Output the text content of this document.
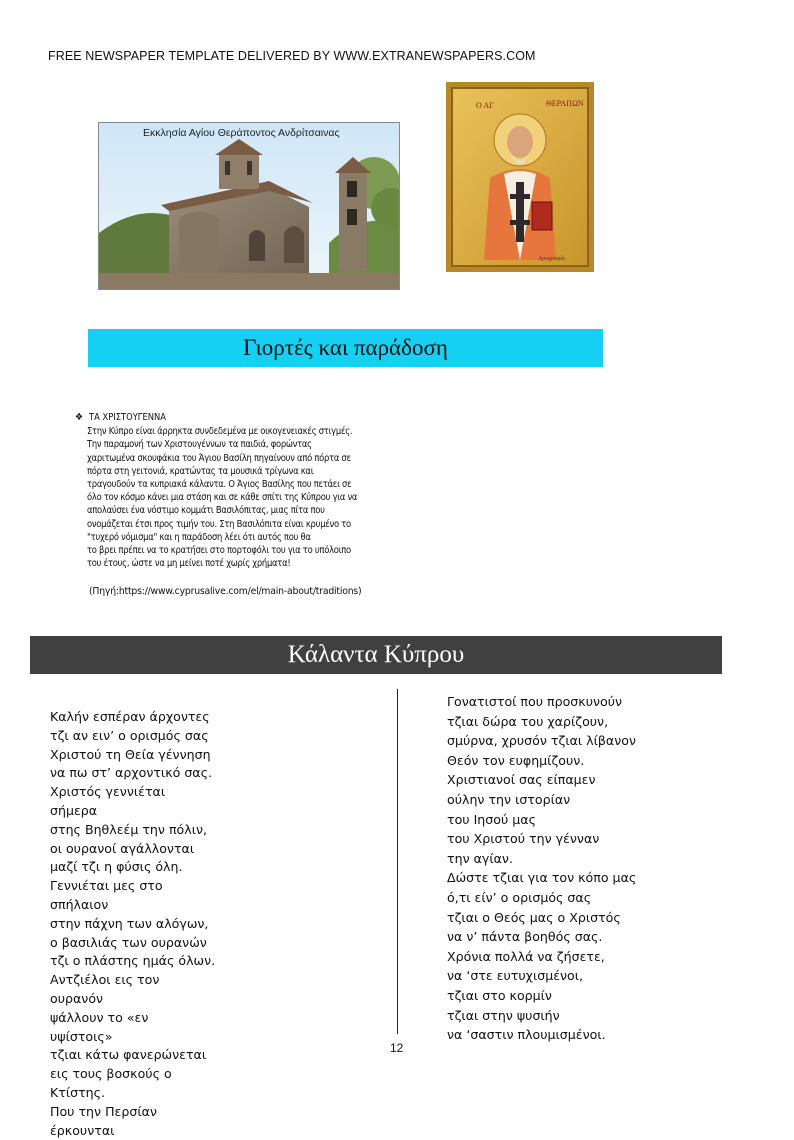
FREE NEWSPAPER TEMPLATE DELIVERED BY WWW.EXTRANEWSPAPERS.COM
Εκκλησία Αγίου Θεράποντος Ανδρίτσαινας
Ο ΑΓ	ΘΕΡΑΠΩΝ
Αγιογραφία
Γιορτές και παράδοση
❖ ΤΑ ΧΡΙΣΤΟΥΓΕΝΝΑ
Στην Κύπρο είναι άρρηκτα συνδεδεμένα με οικογενειακές στιγμές.
Την παραμονή των Χριστουγέννων τα παιδιά, φορώντας
χαριτωμένα σκουφάκια του Άγιου Βασίλη πηγαίνουν από πόρτα σε
πόρτα στη γειτονιά, κρατώντας τα μουσικά τρίγωνα και
τραγουδούν τα κυπριακά κάλαντα. Ο Άγιος Βασίλης που πετάει σε
όλο τον κόσμο κάνει μια στάση και σε κάθε σπίτι της Κύπρου για να
απολαύσει ένα νόστιμο κομμάτι Βασιλόπιτας, μιας πίτα που
ονομάζεται έτσι προς τιμήν του. Στη Βασιλόπιτα είναι κρυμένο το
"τυχερό νόμισμα" και η παράδοση λέει ότι αυτός που θα
το βρει πρέπει να το κρατήσει στο πορτοφόλι του για το υπόλοιπο
του έτους, ώστε να μη μείνει ποτέ χωρίς χρήματα!
(Πηγή:https://www.cyprusalive.com/el/main-about/traditions)
Κάλαντα Κύπρου
Καλήν εσπέραν άρχοντες
τζι αν ειν’ ο ορισμός σας
Χριστού τη Θεία γέννηση
να πω στ’ αρχοντικό σας.
Χριστός γεννιέται
σήμερα
στης Βηθλεέμ την πόλιν,
οι ουρανοί αγάλλονται
μαζί τζι η φύσις όλη.
Γεννιέται μες στο
σπήλαιον
στην πάχνη των αλόγων,
ο βασιλιάς των ουρανών
τζι ο πλάστης ημάς όλων.
Αντζιέλοι εις τον
ουρανόν
ψάλλουν το «εν
υψίστοις»
τζιαι κάτω φανερώνεται
εις τους βοσκούς ο
Κτίστης.
Που την Περσίαν
έρκουνται
Γονατιστοί που προσκυνούν
τζιαι δώρα του χαρίζουν,
σμύρνα, χρυσόν τζιαι λίβανον
Θεόν τον ευφημίζουν.
Χριστιανοί σας είπαμεν
ούλην την ιστορίαν
του Ιησού μας
του Χριστού την γένναν
την αγίαν.
Δώστε τζιαι για τον κόπο μας
ό,τι είν’ ο ορισμός σας
τζιαι ο Θεός μας ο Χριστός
να ν’ πάντα βοηθός σας.
Χρόνια πολλά να ζήσετε,
να ‘στε ευτυχισμένοι,
τζιαι στο κορμίν
τζιαι στην ψυσιήν
να ‘σαστιν πλουμισμένοι.
12
